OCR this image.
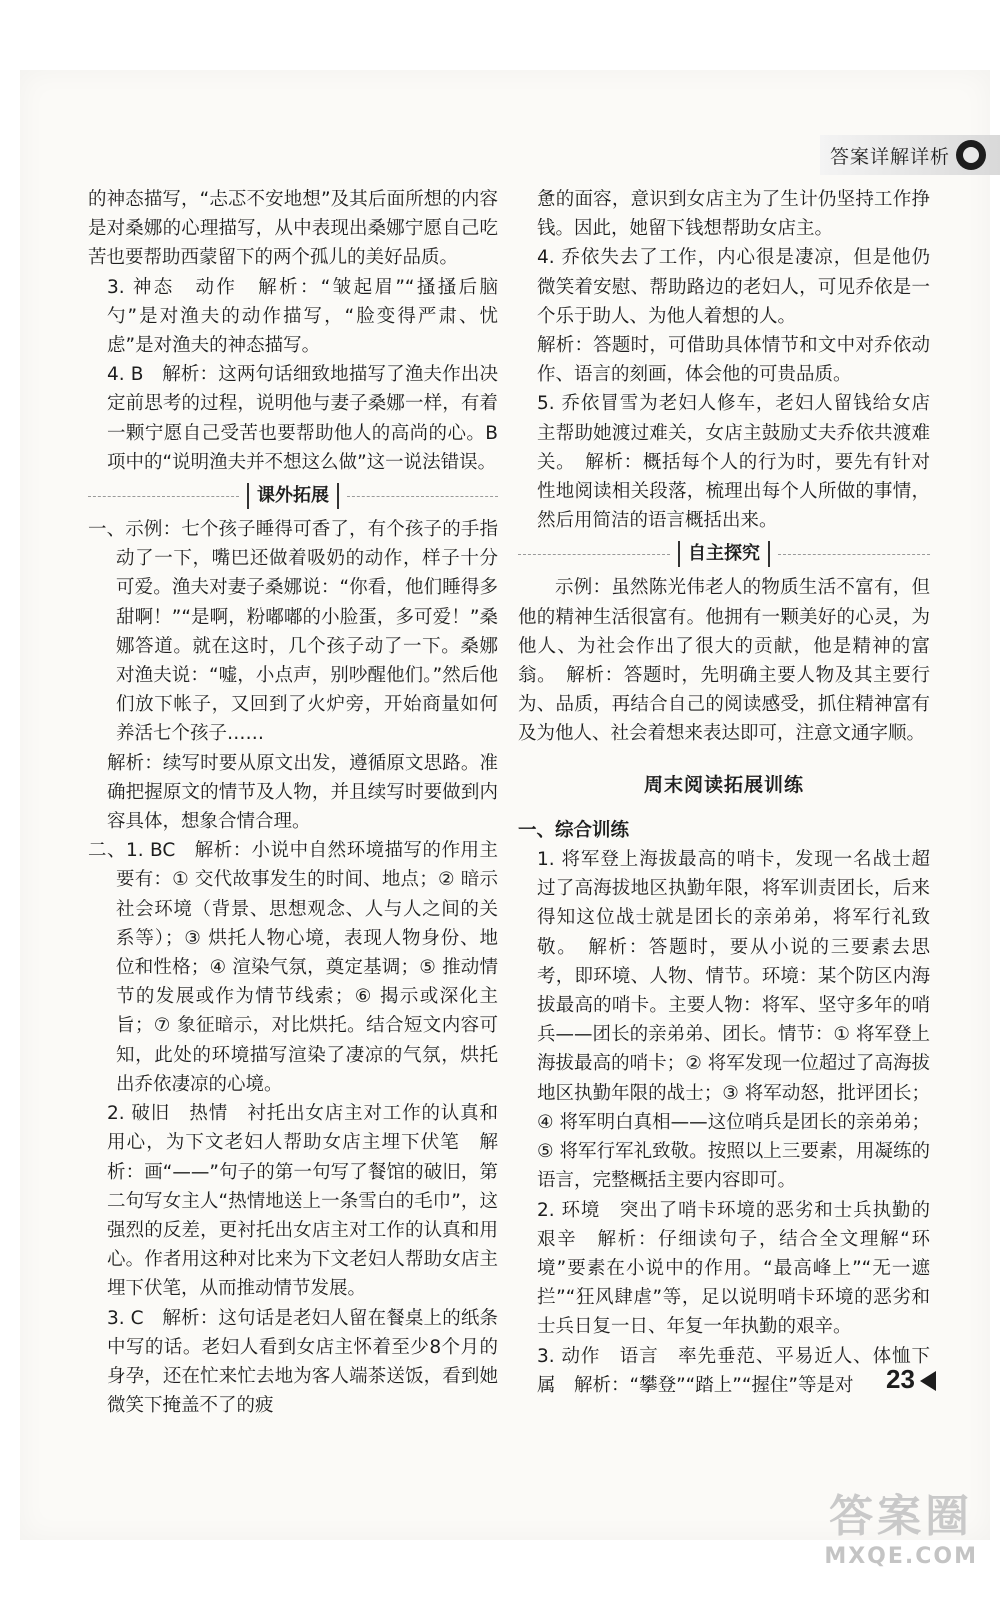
答案详解详析

的神态描写，“忐忑不安地想”及其后面所想的内容是对桑娜的心理描写，从中表现出桑娜宁愿自己吃苦也要帮助西蒙留下的两个孤儿的美好品质。

3. 神态　动作　解析：“皱起眉”“搔搔后脑勺”是对渔夫的动作描写，“脸变得严肃、忧虑”是对渔夫的神态描写。

4. B　解析：这两句话细致地描写了渔夫作出决定前思考的过程，说明他与妻子桑娜一样，有着一颗宁愿自己受苦也要帮助他人的高尚的心。B项中的“说明渔夫并不想这么做”这一说法错误。

课外拓展

一、示例：七个孩子睡得可香了，有个孩子的手指动了一下，嘴巴还做着吸奶的动作，样子十分可爱。渔夫对妻子桑娜说：“你看，他们睡得多甜啊！”“是啊，粉嘟嘟的小脸蛋，多可爱！”桑娜答道。就在这时，几个孩子动了一下。桑娜对渔夫说：“嘘，小点声，别吵醒他们。”然后他们放下帐子，又回到了火炉旁，开始商量如何养活七个孩子……

解析：续写时要从原文出发，遵循原文思路。准确把握原文的情节及人物，并且续写时要做到内容具体，想象合情合理。

二、1. BC　解析：小说中自然环境描写的作用主要有：① 交代故事发生的时间、地点；② 暗示社会环境（背景、思想观念、人与人之间的关系等）；③ 烘托人物心境，表现人物身份、地位和性格；④ 渲染气氛，奠定基调；⑤ 推动情节的发展或作为情节线索；⑥ 揭示或深化主旨；⑦ 象征暗示，对比烘托。结合短文内容可知，此处的环境描写渲染了凄凉的气氛，烘托出乔依凄凉的心境。

2. 破旧　热情　衬托出女店主对工作的认真和用心，为下文老妇人帮助女店主埋下伏笔　解析：画“——”句子的第一句写了餐馆的破旧，第二句写女主人“热情地送上一条雪白的毛巾”，这强烈的反差，更衬托出女店主对工作的认真和用心。作者用这种对比来为下文老妇人帮助女店主埋下伏笔，从而推动情节发展。

3. C　解析：这句话是老妇人留在餐桌上的纸条中写的话。老妇人看到女店主怀着至少8个月的身孕，还在忙来忙去地为客人端茶送饭，看到她微笑下掩盖不了的疲

惫的面容，意识到女店主为了生计仍坚持工作挣钱。因此，她留下钱想帮助女店主。

4. 乔依失去了工作，内心很是凄凉，但是他仍微笑着安慰、帮助路边的老妇人，可见乔依是一个乐于助人、为他人着想的人。

解析：答题时，可借助具体情节和文中对乔依动作、语言的刻画，体会他的可贵品质。

5. 乔依冒雪为老妇人修车，老妇人留钱给女店主帮助她渡过难关，女店主鼓励丈夫乔依共渡难关。　解析：概括每个人的行为时，要先有针对性地阅读相关段落，梳理出每个人所做的事情，然后用简洁的语言概括出来。

自主探究

示例：虽然陈光伟老人的物质生活不富有，但他的精神生活很富有。他拥有一颗美好的心灵，为他人、为社会作出了很大的贡献，他是精神的富翁。　解析：答题时，先明确主要人物及其主要行为、品质，再结合自己的阅读感受，抓住精神富有及为他人、社会着想来表达即可，注意文通字顺。

周末阅读拓展训练

一、综合训练

1. 将军登上海拔最高的哨卡，发现一名战士超过了高海拔地区执勤年限，将军训责团长，后来得知这位战士就是团长的亲弟弟，将军行礼致敬。　解析：答题时，要从小说的三要素去思考，即环境、人物、情节。环境：某个防区内海拔最高的哨卡。主要人物：将军、坚守多年的哨兵——团长的亲弟弟、团长。情节：① 将军登上海拔最高的哨卡；② 将军发现一位超过了高海拔地区执勤年限的战士；③ 将军动怒，批评团长；④ 将军明白真相——这位哨兵是团长的亲弟弟；⑤ 将军行军礼致敬。按照以上三要素，用凝练的语言，完整概括主要内容即可。

2. 环境　突出了哨卡环境的恶劣和士兵执勤的艰辛　解析：仔细读句子，结合全文理解“环境”要素在小说中的作用。“最高峰上”“无一遮拦”“狂风肆虐”等，足以说明哨卡环境的恶劣和士兵日复一日、年复一年执勤的艰辛。

3. 动作　语言　率先垂范、平易近人、体恤下属　解析：“攀登”“踏上”“握住”等是对	23
答案圈
MXQE.COM
